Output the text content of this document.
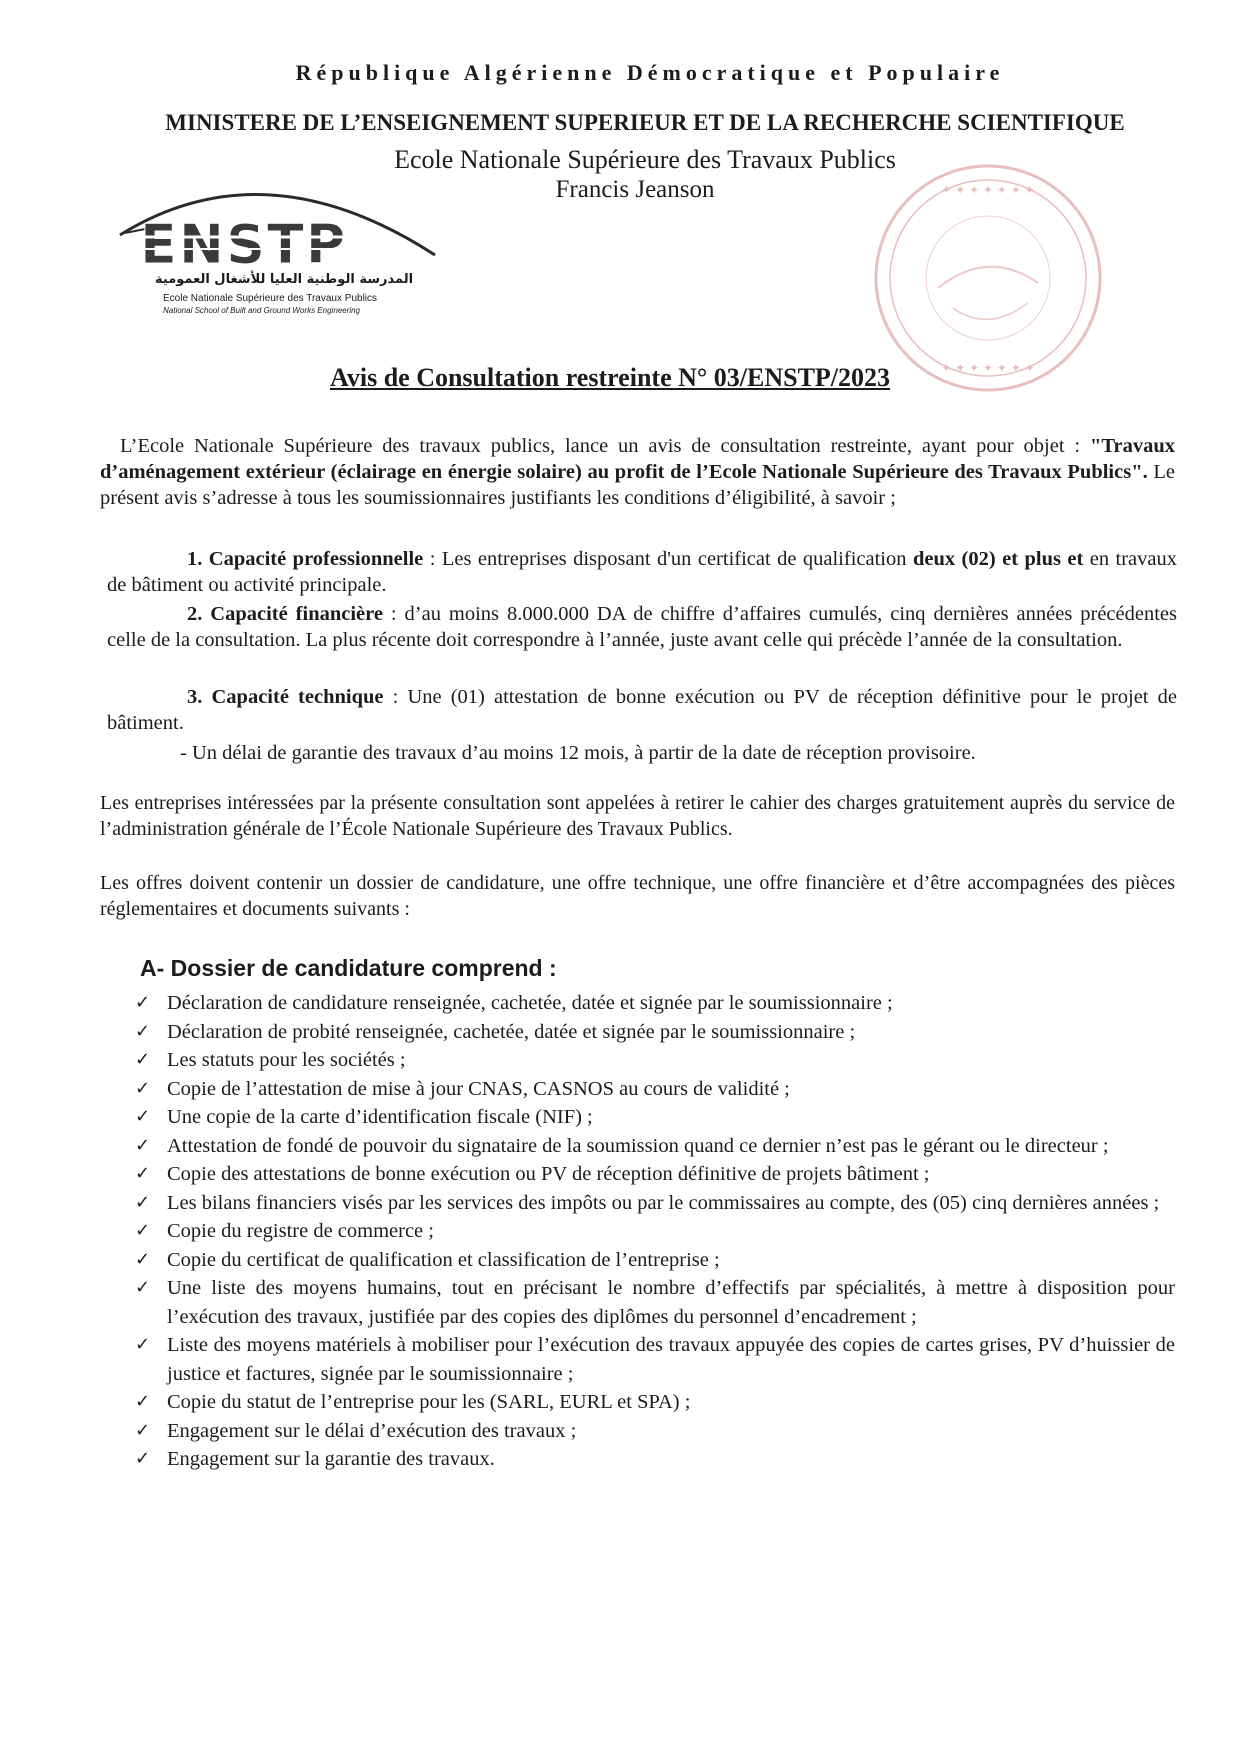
République Algérienne Démocratique et Populaire
MINISTERE DE L’ENSEIGNEMENT SUPERIEUR ET DE LA RECHERCHE SCIENTIFIQUE
Ecole Nationale Supérieure des Travaux Publics
Francis Jeanson
ENSTP
المدرسة الوطنية العليا للأشغال العمومية
Ecole Nationale Supérieure des Travaux Publics
National School of Built and Ground Works Engineering
✦ ✦ ✦ ✦ ✦ ✦ ✦
✦ ✦ ✦ ✦ ✦ ✦ ✦
Avis de Consultation restreinte N° 03/ENSTP/2023
L’Ecole Nationale Supérieure des travaux publics, lance un avis de consultation restreinte, ayant pour objet : "Travaux d’aménagement extérieur (éclairage en énergie solaire) au profit de l’Ecole Nationale Supérieure des Travaux Publics". Le présent avis s’adresse à tous les soumissionnaires justifiants les conditions d’éligibilité, à savoir ;
1. Capacité professionnelle : Les entreprises disposant d'un certificat de qualification deux (02) et plus et en travaux de bâtiment ou activité principale.
2. Capacité financière : d’au moins 8.000.000 DA de chiffre d’affaires cumulés, cinq dernières années précédentes celle de la consultation. La plus récente doit correspondre à l’année, juste avant celle qui précède l’année de la consultation.
3. Capacité technique : Une (01) attestation de bonne exécution ou PV de réception définitive pour le projet de bâtiment.
- Un délai de garantie des travaux d’au moins 12 mois, à partir de la date de réception provisoire.
Les entreprises intéressées par la présente consultation sont appelées à retirer le cahier des charges gratuitement auprès du service de l’administration générale de l’École Nationale Supérieure des Travaux Publics.
Les offres doivent contenir un dossier de candidature, une offre technique, une offre financière et d’être accompagnées des pièces réglementaires et documents suivants :
A- Dossier de candidature comprend :
✓ Déclaration de candidature renseignée, cachetée, datée et signée par le soumissionnaire ;
✓ Déclaration de probité renseignée, cachetée, datée et signée par le soumissionnaire ;
✓ Les statuts pour les sociétés ;
✓ Copie de l’attestation de mise à jour CNAS, CASNOS au cours de validité ;
✓ Une copie de la carte d’identification fiscale (NIF) ;
✓ Attestation de fondé de pouvoir du signataire de la soumission quand ce dernier n’est pas le gérant ou le directeur ;
✓ Copie des attestations de bonne exécution ou PV de réception définitive de projets bâtiment ;
✓ Les bilans financiers visés par les services des impôts ou par le commissaires au compte, des (05) cinq dernières années ;
✓ Copie du registre de commerce ;
✓ Copie du certificat de qualification et classification de l’entreprise ;
✓ Une liste des moyens humains, tout en précisant le nombre d’effectifs par spécialités, à mettre à disposition pour l’exécution des travaux, justifiée par des copies des diplômes du personnel d’encadrement ;
✓ Liste des moyens matériels à mobiliser pour l’exécution des travaux appuyée des copies de cartes grises, PV d’huissier de justice et factures, signée par le soumissionnaire ;
✓ Copie du statut de l’entreprise pour les (SARL, EURL et SPA) ;
✓ Engagement sur le délai d’exécution des travaux ;
✓ Engagement sur la garantie des travaux.
